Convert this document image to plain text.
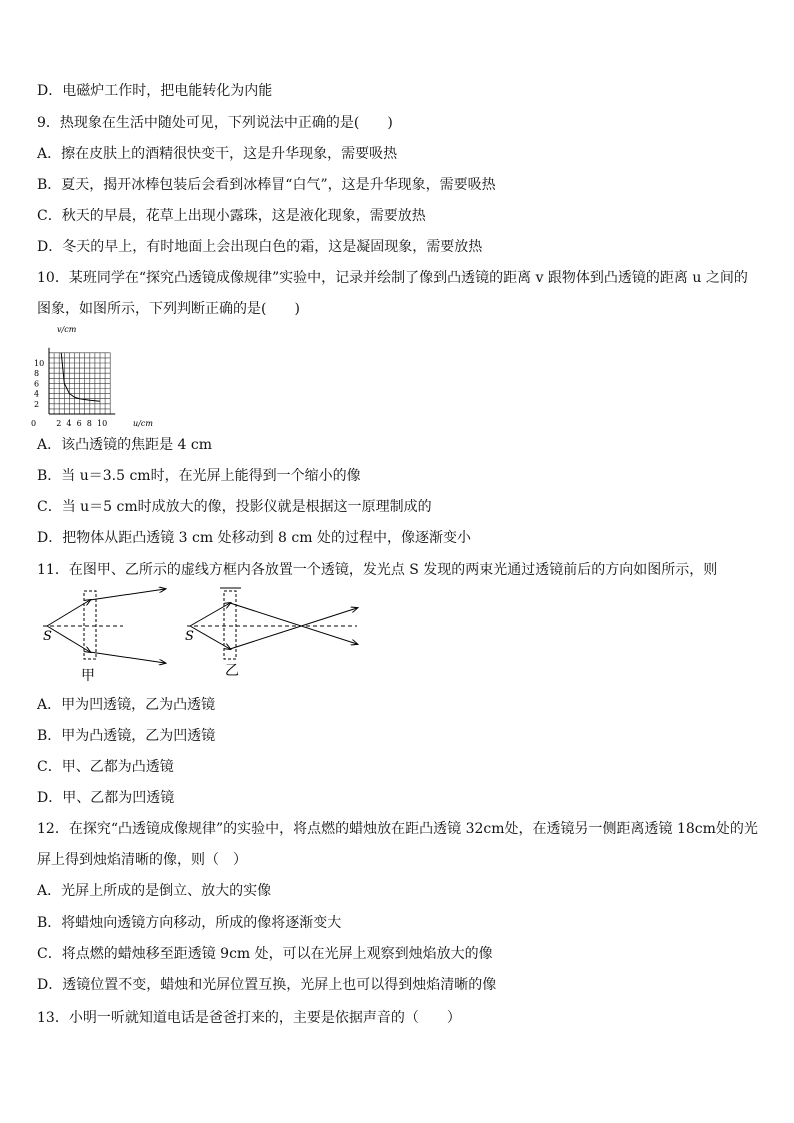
D．电磁炉工作时，把电能转化为内能
9．热现象在生活中随处可见，下列说法中正确的是(　　)
A．擦在皮肤上的酒精很快变干，这是升华现象，需要吸热
B．夏天，揭开冰棒包装后会看到冰棒冒“白气”，这是升华现象，需要吸热
C．秋天的早晨，花草上出现小露珠，这是液化现象，需要放热
D．冬天的早上，有时地面上会出现白色的霜，这是凝固现象，需要放热
10．某班同学在“探究凸透镜成像规律”实验中，记录并绘制了像到凸透镜的距离 v 跟物体到凸透镜的距离 u 之间的图象，如图所示，下列判断正确的是(　　)
v/cm
u/cm
0
2
4
6
8
10
2 4 6 8 10
A．该凸透镜的焦距是 4 cm
B．当 u＝3.5 cm时，在光屏上能得到一个缩小的像
C．当 u＝5 cm时成放大的像，投影仪就是根据这一原理制成的
D．把物体从距凸透镜 3 cm 处移动到 8 cm 处的过程中，像逐渐变小
11．在图甲、乙所示的虚线方框内各放置一个透镜，发光点 S 发现的两束光通过透镜前后的方向如图所示，则
S
甲
S
乙
A．甲为凹透镜，乙为凸透镜
B．甲为凸透镜，乙为凹透镜
C．甲、乙都为凸透镜
D．甲、乙都为凹透镜
12．在探究“凸透镜成像规律”的实验中，将点燃的蜡烛放在距凸透镜 32cm处，在透镜另一侧距离透镜 18cm处的光屏上得到烛焰清晰的像，则（　）
A．光屏上所成的是倒立、放大的实像
B．将蜡烛向透镜方向移动，所成的像将逐渐变大
C．将点燃的蜡烛移至距透镜 9cm 处，可以在光屏上观察到烛焰放大的像
D．透镜位置不变，蜡烛和光屏位置互换，光屏上也可以得到烛焰清晰的像
13．小明一听就知道电话是爸爸打来的，主要是依据声音的（　　）
